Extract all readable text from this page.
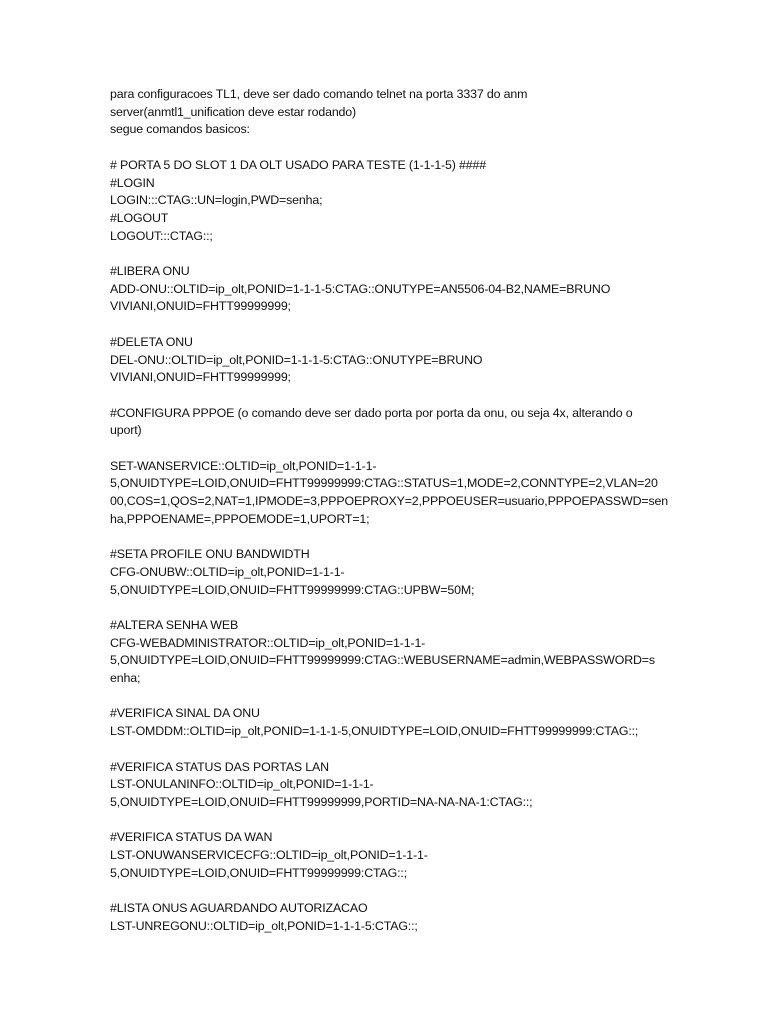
para configuracoes TL1, deve ser dado comando telnet na porta 3337 do anm
server(anmtl1_unification deve estar rodando)
segue comandos basicos:
# PORTA 5 DO SLOT 1 DA OLT USADO PARA TESTE (1-1-1-5) ####
#LOGIN
LOGIN:::CTAG::UN=login,PWD=senha;
#LOGOUT
LOGOUT:::CTAG::;
#LIBERA ONU
ADD-ONU::OLTID=ip_olt,PONID=1-1-1-5:CTAG::ONUTYPE=AN5506-04-B2,NAME=BRUNO
VIVIANI,ONUID=FHTT99999999;
#DELETA ONU
DEL-ONU::OLTID=ip_olt,PONID=1-1-1-5:CTAG::ONUTYPE=BRUNO
VIVIANI,ONUID=FHTT99999999;
#CONFIGURA PPPOE (o comando deve ser dado porta por porta da onu, ou seja 4x, alterando o
uport)
SET-WANSERVICE::OLTID=ip_olt,PONID=1-1-1-
5,ONUIDTYPE=LOID,ONUID=FHTT99999999:CTAG::STATUS=1,MODE=2,CONNTYPE=2,VLAN=20
00,COS=1,QOS=2,NAT=1,IPMODE=3,PPPOEPROXY=2,PPPOEUSER=usuario,PPPOEPASSWD=sen
ha,PPPOENAME=,PPPOEMODE=1,UPORT=1;
#SETA PROFILE ONU BANDWIDTH
CFG-ONUBW::OLTID=ip_olt,PONID=1-1-1-
5,ONUIDTYPE=LOID,ONUID=FHTT99999999:CTAG::UPBW=50M;
#ALTERA SENHA WEB
CFG-WEBADMINISTRATOR::OLTID=ip_olt,PONID=1-1-1-
5,ONUIDTYPE=LOID,ONUID=FHTT99999999:CTAG::WEBUSERNAME=admin,WEBPASSWORD=s
enha;
#VERIFICA SINAL DA ONU
LST-OMDDM::OLTID=ip_olt,PONID=1-1-1-5,ONUIDTYPE=LOID,ONUID=FHTT99999999:CTAG::;
#VERIFICA STATUS DAS PORTAS LAN
LST-ONULANINFO::OLTID=ip_olt,PONID=1-1-1-
5,ONUIDTYPE=LOID,ONUID=FHTT99999999,PORTID=NA-NA-NA-1:CTAG::;
#VERIFICA STATUS DA WAN
LST-ONUWANSERVICECFG::OLTID=ip_olt,PONID=1-1-1-
5,ONUIDTYPE=LOID,ONUID=FHTT99999999:CTAG::;
#LISTA ONUS AGUARDANDO AUTORIZACAO
LST-UNREGONU::OLTID=ip_olt,PONID=1-1-1-5:CTAG::;
